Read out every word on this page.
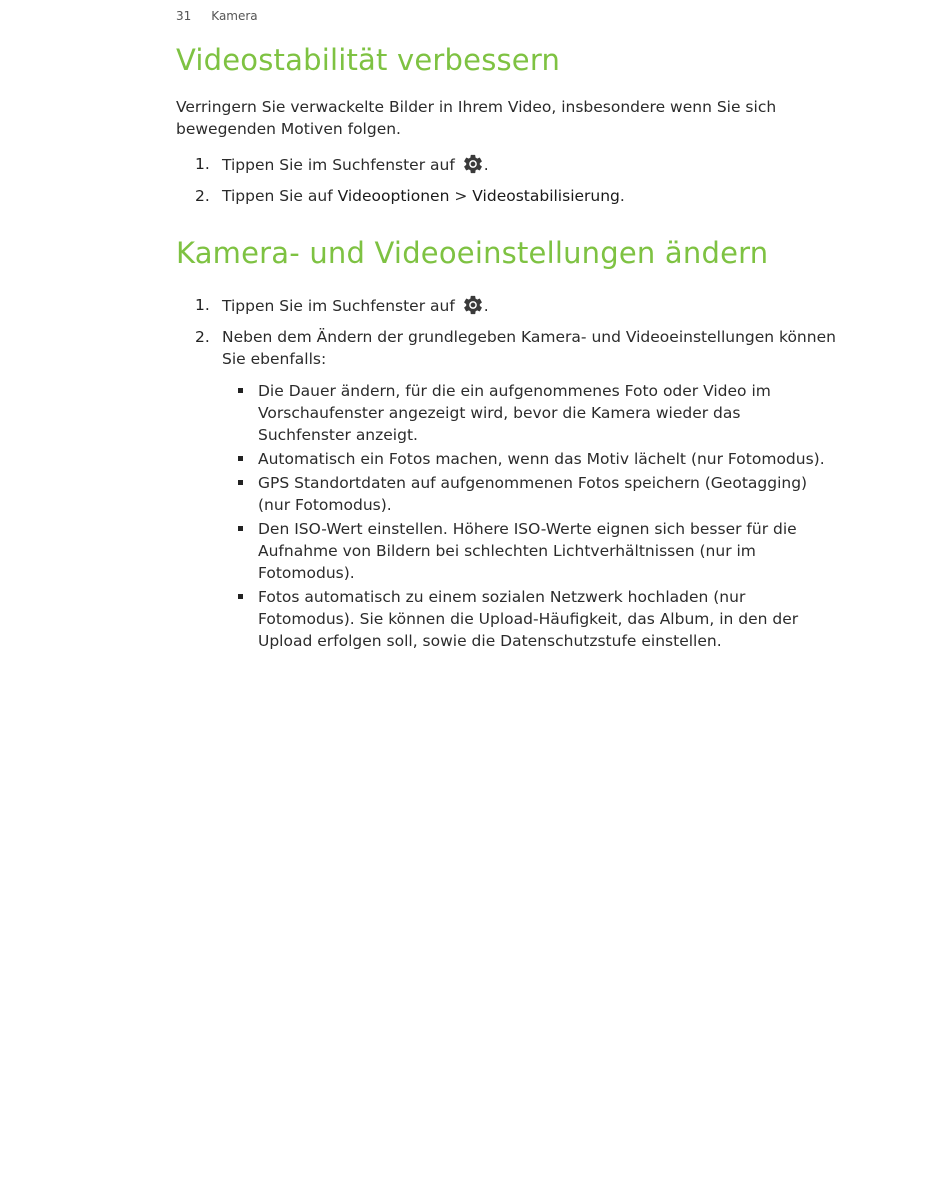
31 Kamera
Videostabilität verbessern

Verringern Sie verwackelte Bilder in Ihrem Video, insbesondere wenn Sie sich bewegenden Motiven folgen.

1. Tippen Sie im Suchfenster auf .
2. Tippen Sie auf Videooptionen > Videostabilisierung.
Kamera- und Videoeinstellungen ändern
1. Tippen Sie im Suchfenster auf .
2. Neben dem Ändern der grundlegeben Kamera- und Videoeinstellungen können Sie ebenfalls:
Die Dauer ändern, für die ein aufgenommenes Foto oder Video im Vorschaufenster angezeigt wird, bevor die Kamera wieder das Suchfenster anzeigt.
Automatisch ein Fotos machen, wenn das Motiv lächelt (nur Fotomodus).
GPS Standortdaten auf aufgenommenen Fotos speichern (Geotagging) (nur Fotomodus).
Den ISO-Wert einstellen. Höhere ISO-Werte eignen sich besser für die Aufnahme von Bildern bei schlechten Lichtverhältnissen (nur im Fotomodus).
Fotos automatisch zu einem sozialen Netzwerk hochladen (nur Fotomodus). Sie können die Upload-Häufigkeit, das Album, in den der Upload erfolgen soll, sowie die Datenschutzstufe einstellen.
